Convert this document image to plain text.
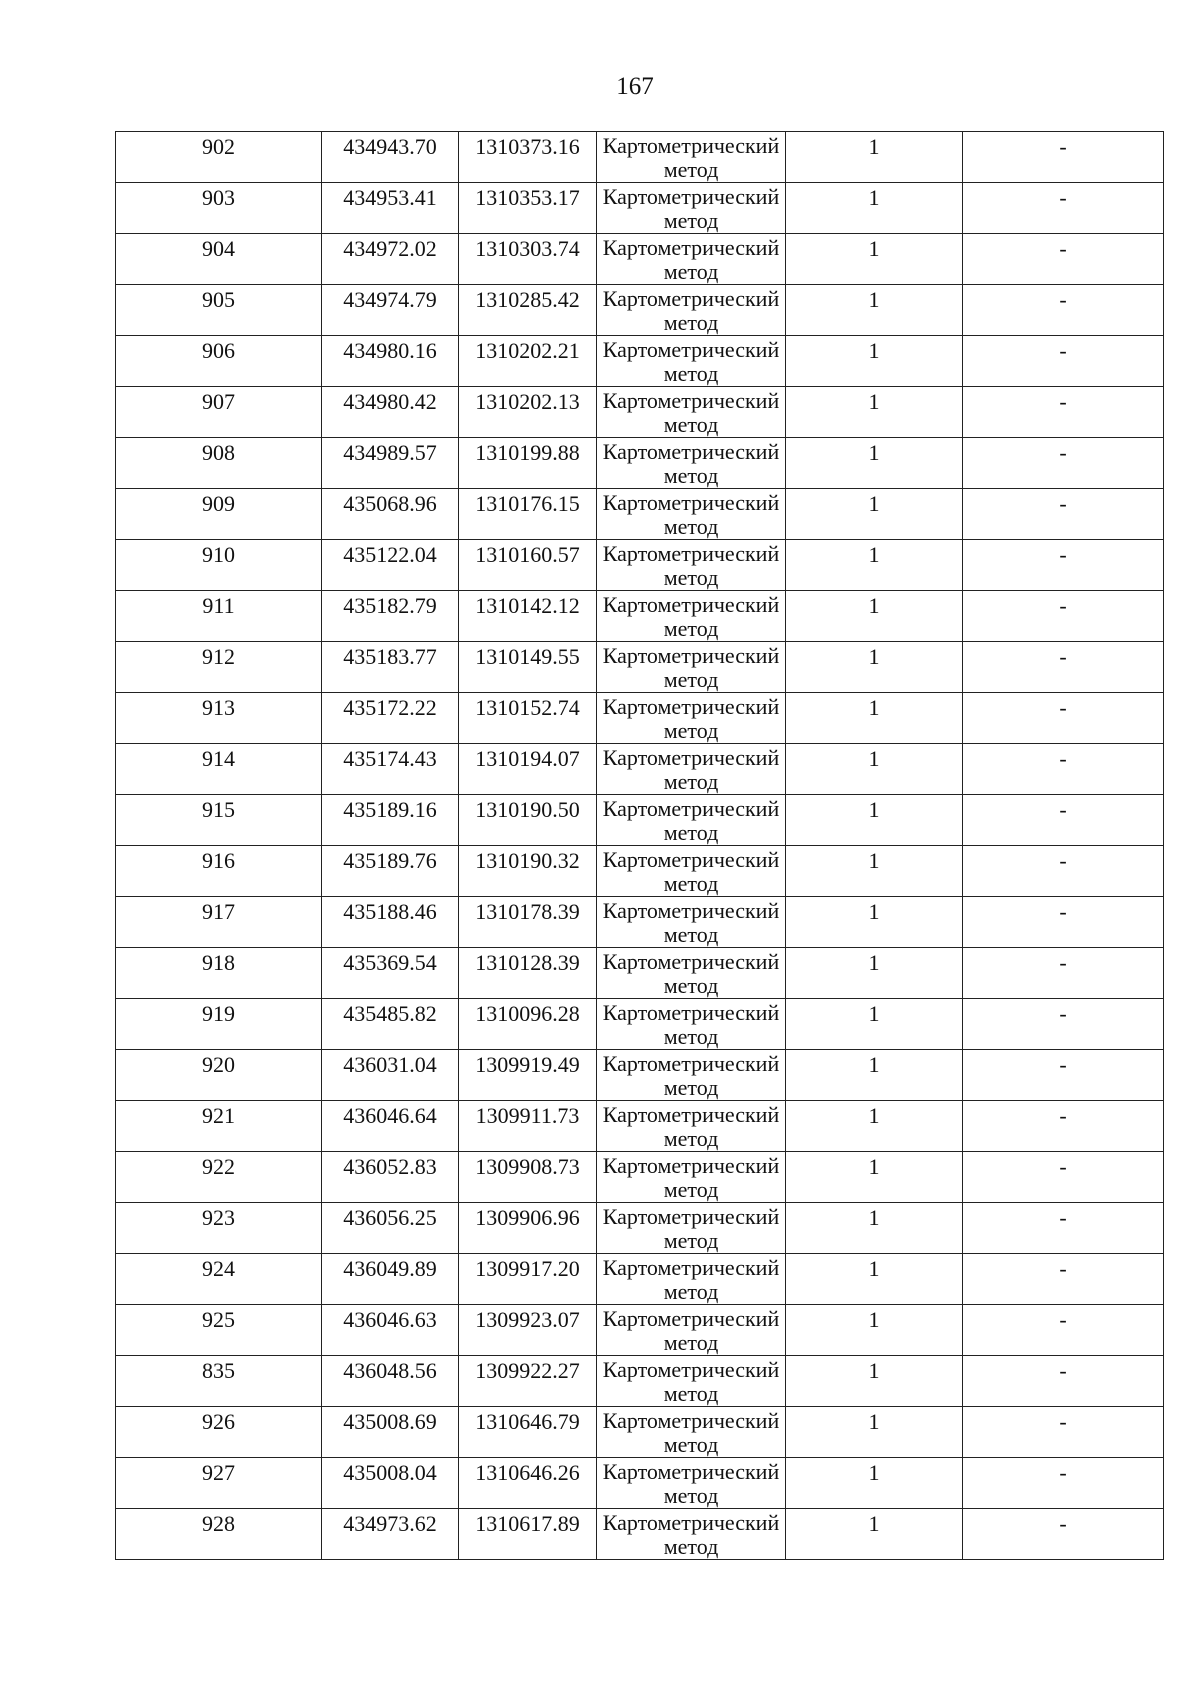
167
902	434943.70	1310373.16	Картометрический метод	1	-

903	434953.41	1310353.17	Картометрический метод	1	-

904	434972.02	1310303.74	Картометрический метод	1	-

905	434974.79	1310285.42	Картометрический метод	1	-

906	434980.16	1310202.21	Картометрический метод	1	-

907	434980.42	1310202.13	Картометрический метод	1	-

908	434989.57	1310199.88	Картометрический метод	1	-

909	435068.96	1310176.15	Картометрический метод	1	-

910	435122.04	1310160.57	Картометрический метод	1	-

911	435182.79	1310142.12	Картометрический метод	1	-

912	435183.77	1310149.55	Картометрический метод	1	-

913	435172.22	1310152.74	Картометрический метод	1	-

914	435174.43	1310194.07	Картометрический метод	1	-

915	435189.16	1310190.50	Картометрический метод	1	-

916	435189.76	1310190.32	Картометрический метод	1	-

917	435188.46	1310178.39	Картометрический метод	1	-

918	435369.54	1310128.39	Картометрический метод	1	-

919	435485.82	1310096.28	Картометрический метод	1	-

920	436031.04	1309919.49	Картометрический метод	1	-

921	436046.64	1309911.73	Картометрический метод	1	-

922	436052.83	1309908.73	Картометрический метод	1	-

923	436056.25	1309906.96	Картометрический метод	1	-

924	436049.89	1309917.20	Картометрический метод	1	-

925	436046.63	1309923.07	Картометрический метод	1	-

835	436048.56	1309922.27	Картометрический метод	1	-

926	435008.69	1310646.79	Картометрический метод	1	-

927	435008.04	1310646.26	Картометрический метод	1	-

928	434973.62	1310617.89	Картометрический метод	1	-
